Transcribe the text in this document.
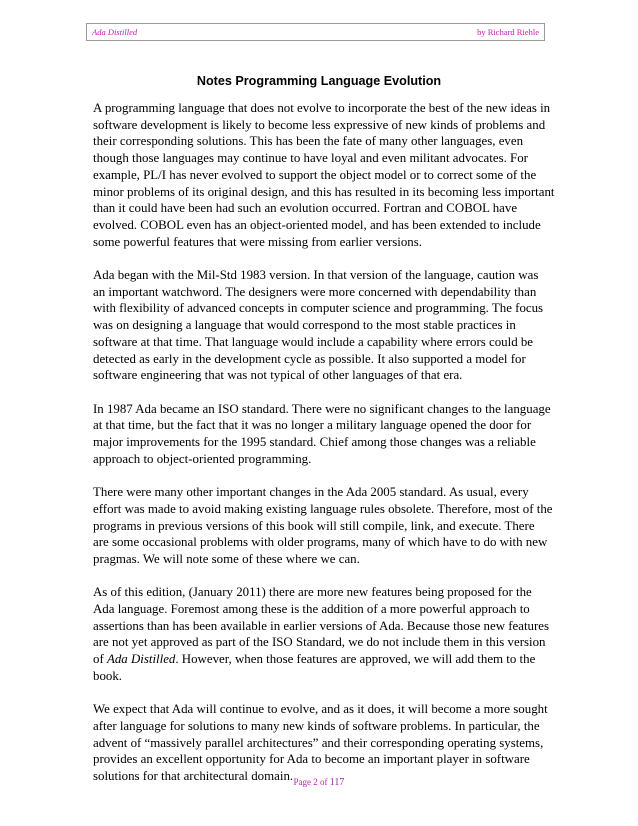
Ada Distilled	by Richard Riehle
Notes Programming Language Evolution

A programming language that does not evolve to incorporate the best of the new ideas in
software development is likely to become less expressive of new kinds of problems and
their corresponding solutions. This has been the fate of many other languages, even
though those languages may continue to have loyal and even militant advocates. For
example, PL/I has never evolved to support the object model or to correct some of the
minor problems of its original design, and this has resulted in its becoming less important
than it could have been had such an evolution occurred. Fortran and COBOL have
evolved. COBOL even has an object-oriented model, and has been extended to include
some powerful features that were missing from earlier versions.

Ada began with the Mil-Std 1983 version. In that version of the language, caution was
an important watchword. The designers were more concerned with dependability than
with flexibility of advanced concepts in computer science and programming. The focus
was on designing a language that would correspond to the most stable practices in
software at that time. That language would include a capability where errors could be
detected as early in the development cycle as possible. It also supported a model for
software engineering that was not typical of other languages of that era.

In 1987 Ada became an ISO standard. There were no significant changes to the language
at that time, but the fact that it was no longer a military language opened the door for
major improvements for the 1995 standard. Chief among those changes was a reliable
approach to object-oriented programming.

There were many other important changes in the Ada 2005 standard. As usual, every
effort was made to avoid making existing language rules obsolete. Therefore, most of the
programs in previous versions of this book will still compile, link, and execute. There
are some occasional problems with older programs, many of which have to do with new
pragmas. We will note some of these where we can.

As of this edition, (January 2011) there are more new features being proposed for the
Ada language. Foremost among these is the addition of a more powerful approach to
assertions than has been available in earlier versions of Ada. Because those new features
are not yet approved as part of the ISO Standard, we do not include them in this version
of Ada Distilled. However, when those features are approved, we will add them to the
book.

We expect that Ada will continue to evolve, and as it does, it will become a more sought
after language for solutions to many new kinds of software problems. In particular, the
advent of “massively parallel architectures” and their corresponding operating systems,
provides an excellent opportunity for Ada to become an important player in software
solutions for that architectural domain. Page 2 of 117
